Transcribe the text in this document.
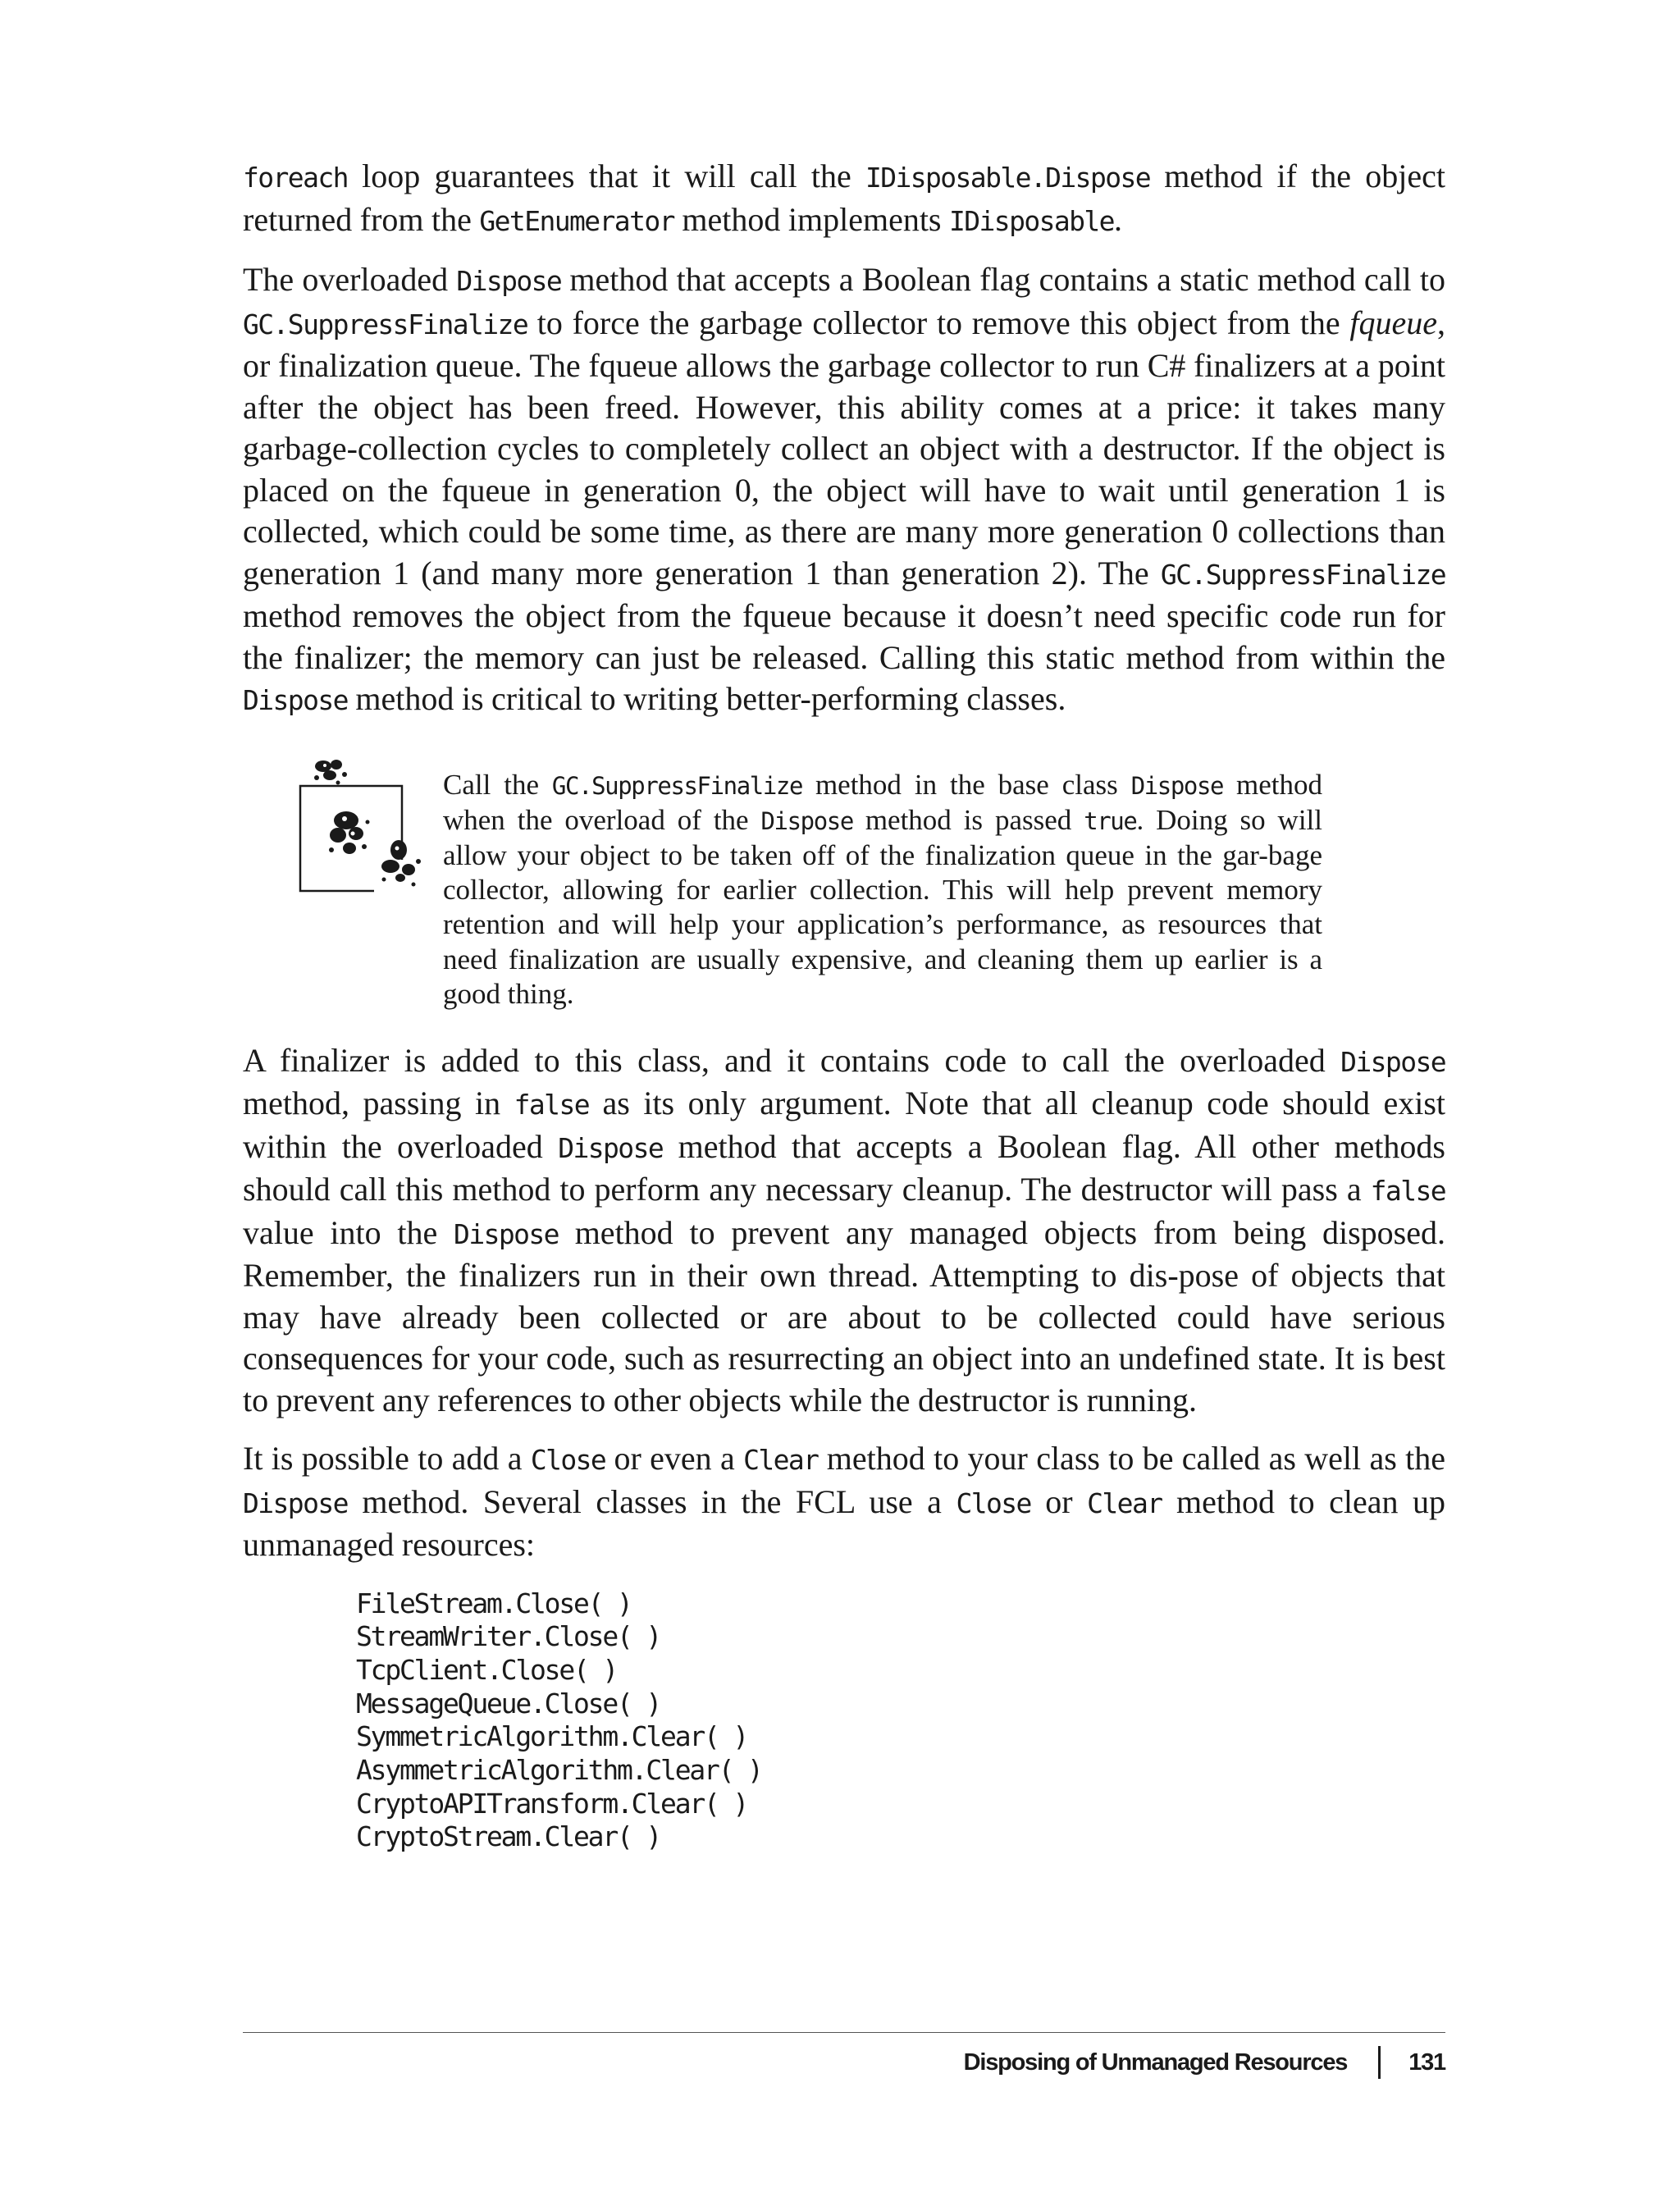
foreach loop guarantees that it will call the IDisposable.Dispose method if the object returned from the GetEnumerator method implements IDisposable.

The overloaded Dispose method that accepts a Boolean flag contains a static method call to GC.SuppressFinalize to force the garbage collector to remove this object from the fqueue, or finalization queue. The fqueue allows the garbage collector to run C# finalizers at a point after the object has been freed. However, this ability comes at a price: it takes many garbage-collection cycles to completely collect an object with a destructor. If the object is placed on the fqueue in generation 0, the object will have to wait until generation 1 is collected, which could be some time, as there are many more generation 0 collections than generation 1 (and many more generation 1 than generation 2). The GC.SuppressFinalize method removes the object from the fqueue because it doesn’t need specific code run for the finalizer; the memory can just be released. Calling this static method from within the Dispose method is critical to writing better-performing classes.

Call the GC.SuppressFinalize method in the base class Dispose method when the overload of the Dispose method is passed true. Doing so will allow your object to be taken off of the finalization queue in the gar-bage collector, allowing for earlier collection. This will help prevent memory retention and will help your application’s performance, as resources that need finalization are usually expensive, and cleaning them up earlier is a good thing.

A finalizer is added to this class, and it contains code to call the overloaded Dispose method, passing in false as its only argument. Note that all cleanup code should exist within the overloaded Dispose method that accepts a Boolean flag. All other methods should call this method to perform any necessary cleanup. The destructor will pass a false value into the Dispose method to prevent any managed objects from being disposed. Remember, the finalizers run in their own thread. Attempting to dis-pose of objects that may have already been collected or are about to be collected could have serious consequences for your code, such as resurrecting an object into an undefined state. It is best to prevent any references to other objects while the destructor is running.

It is possible to add a Close or even a Clear method to your class to be called as well as the Dispose method. Several classes in the FCL use a Close or Clear method to clean up unmanaged resources:

FileStream.Close( )
StreamWriter.Close( )
TcpClient.Close( )
MessageQueue.Close( )
SymmetricAlgorithm.Clear( )
AsymmetricAlgorithm.Clear( )
CryptoAPITransform.Clear( )
CryptoStream.Clear( )
Disposing of Unmanaged Resources	131
